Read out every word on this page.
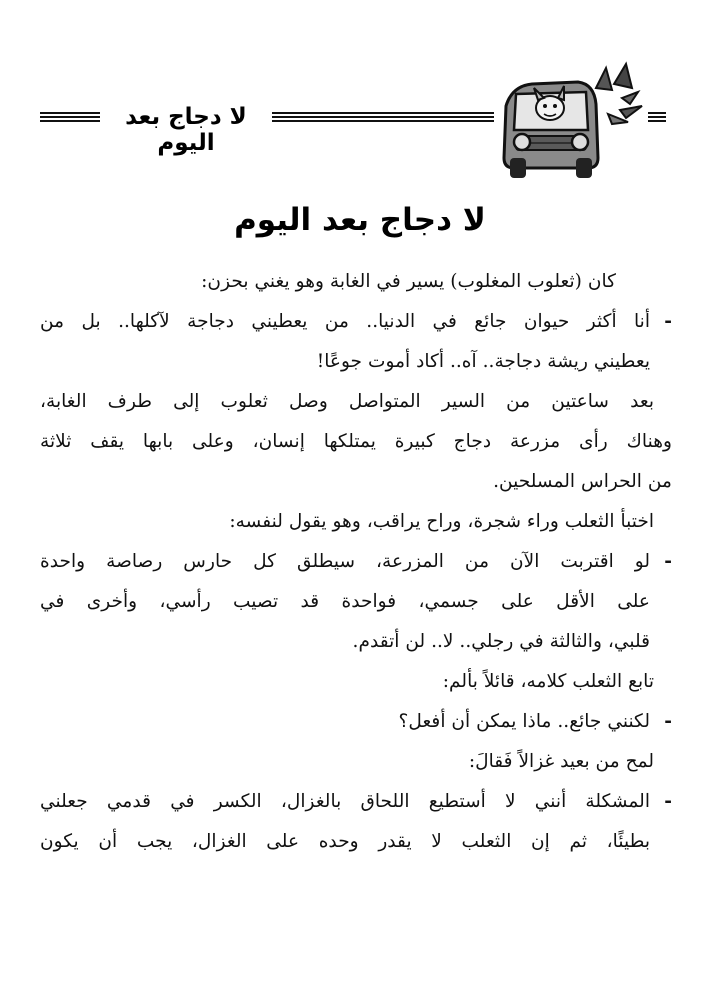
لا دجاج بعد اليوم
لا دجاج بعد اليوم
كان (ثعلوب المغلوب) يسير في الغابة وهو يغني بحزن:
- أنا أكثر حيوان جائع في الدنيا.. من يعطيني دجاجة لآكلها.. بل من
يعطيني ريشة دجاجة.. آه.. أكاد أموت جوعًا!
بعد ساعتين من السير المتواصل وصل ثعلوب إلى طرف الغابة،
وهناك رأى مزرعة دجاج كبيرة يمتلكها إنسان، وعلى بابها يقف ثلاثة
من الحراس المسلحين.
اختبأ الثعلب وراء شجرة، وراح يراقب، وهو يقول لنفسه:
- لو اقتربت الآن من المزرعة، سيطلق كل حارس رصاصة واحدة
على الأقل على جسمي، فواحدة قد تصيب رأسي، وأخرى في
قلبي، والثالثة في رجلي.. لا.. لن أتقدم.
تابع الثعلب كلامه، قائلاً بألم:
- لكنني جائع.. ماذا يمكن أن أفعل؟
لمح من بعيد غزالاً فَقالَ:
- المشكلة أنني لا أستطيع اللحاق بالغزال، الكسر في قدمي جعلني
بطيئًا، ثم إن الثعلب لا يقدر وحده على الغزال، يجب أن يكون
